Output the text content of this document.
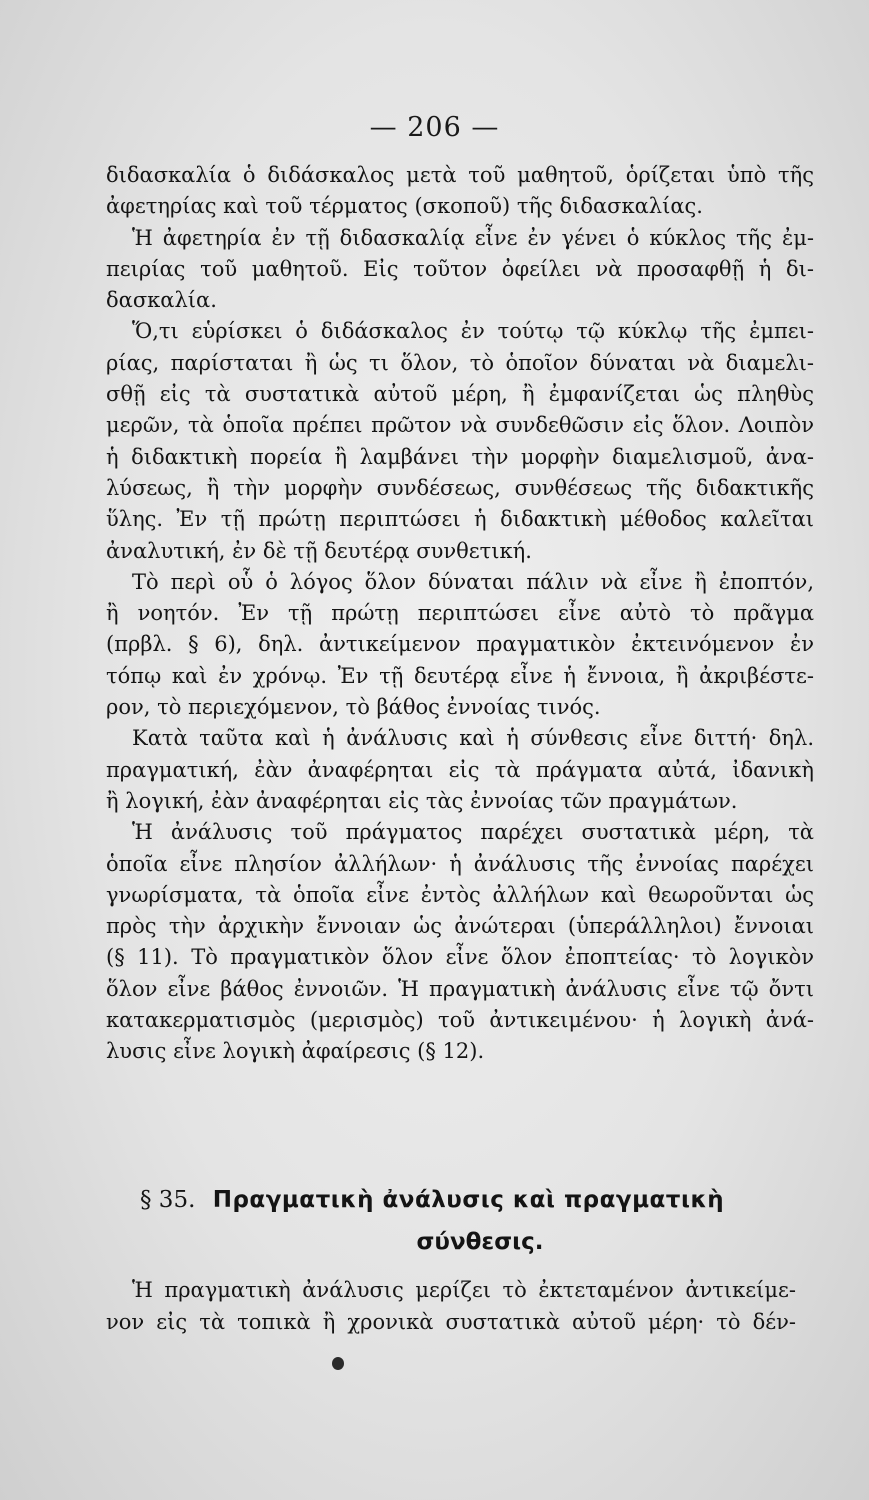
— 206 —
διδασκαλία ὁ διδάσκαλος μετὰ τοῦ μαθητοῦ, ὁρίζεται ὑπὸ τῆς
ἀφετηρίας καὶ τοῦ τέρματος (σκοποῦ) τῆς διδασκαλίας.
Ἡ ἀφετηρία ἐν τῇ διδασκαλίᾳ εἶνε ἐν γένει ὁ κύκλος τῆς ἐμ-
πειρίας τοῦ μαθητοῦ. Εἰς τοῦτον ὀφείλει νὰ προσαφθῇ ἡ δι-
δασκαλία.
Ὅ,τι εὑρίσκει ὁ διδάσκαλος ἐν τούτῳ τῷ κύκλῳ τῆς ἐμπει-
ρίας, παρίσταται ἢ ὡς τι ὅλον, τὸ ὁποῖον δύναται νὰ διαμελι-
σθῇ εἰς τὰ συστατικὰ αὐτοῦ μέρη, ἢ ἐμφανίζεται ὡς πληθὺς
μερῶν, τὰ ὁποῖα πρέπει πρῶτον νὰ συνδεθῶσιν εἰς ὅλον. Λοιπὸν
ἡ διδακτικὴ πορεία ἢ λαμβάνει τὴν μορφὴν διαμελισμοῦ, ἀνα-
λύσεως, ἢ τὴν μορφὴν συνδέσεως, συνθέσεως τῆς διδακτικῆς
ὕλης. Ἐν τῇ πρώτῃ περιπτώσει ἡ διδακτικὴ μέθοδος καλεῖται
ἀναλυτική, ἐν δὲ τῇ δευτέρᾳ συνθετική.
Τὸ περὶ οὗ ὁ λόγος ὅλον δύναται πάλιν νὰ εἶνε ἢ ἐποπτόν,
ἢ νοητόν. Ἐν τῇ πρώτῃ περιπτώσει εἶνε αὐτὸ τὸ πρᾶγμα
(πρβλ. § 6), δηλ. ἀντικείμενον πραγματικὸν ἐκτεινόμενον ἐν
τόπῳ καὶ ἐν χρόνῳ. Ἐν τῇ δευτέρᾳ εἶνε ἡ ἔννοια, ἢ ἀκριβέστε-
ρον, τὸ περιεχόμενον, τὸ βάθος ἐννοίας τινός.
Κατὰ ταῦτα καὶ ἡ ἀνάλυσις καὶ ἡ σύνθεσις εἶνε διττή· δηλ.
πραγματική, ἐὰν ἀναφέρηται εἰς τὰ πράγματα αὐτά, ἰδανικὴ
ἢ λογική, ἐὰν ἀναφέρηται εἰς τὰς ἐννοίας τῶν πραγμάτων.
Ἡ ἀνάλυσις τοῦ πράγματος παρέχει συστατικὰ μέρη, τὰ
ὁποῖα εἶνε πλησίον ἀλλήλων· ἡ ἀνάλυσις τῆς ἐννοίας παρέχει
γνωρίσματα, τὰ ὁποῖα εἶνε ἐντὸς ἀλλήλων καὶ θεωροῦνται ὡς
πρὸς τὴν ἀρχικὴν ἔννοιαν ὡς ἀνώτεραι (ὑπεράλληλοι) ἔννοιαι
(§ 11). Τὸ πραγματικὸν ὅλον εἶνε ὅλον ἐποπτείας· τὸ λογικὸν
ὅλον εἶνε βάθος ἐννοιῶν. Ἡ πραγματικὴ ἀνάλυσις εἶνε τῷ ὄντι
κατακερματισμὸς (μερισμὸς) τοῦ ἀντικειμένου· ἡ λογικὴ ἀνά-
λυσις εἶνε λογικὴ ἀφαίρεσις (§ 12).
§ 35. Πραγματικὴ ἀνάλυσις καὶ πραγματικὴ
σύνθεσις.
Ἡ πραγματικὴ ἀνάλυσις μερίζει τὸ ἐκτεταμένον ἀντικείμε-
νον εἰς τὰ τοπικὰ ἢ χρονικὰ συστατικὰ αὐτοῦ μέρη· τὸ δέν-
